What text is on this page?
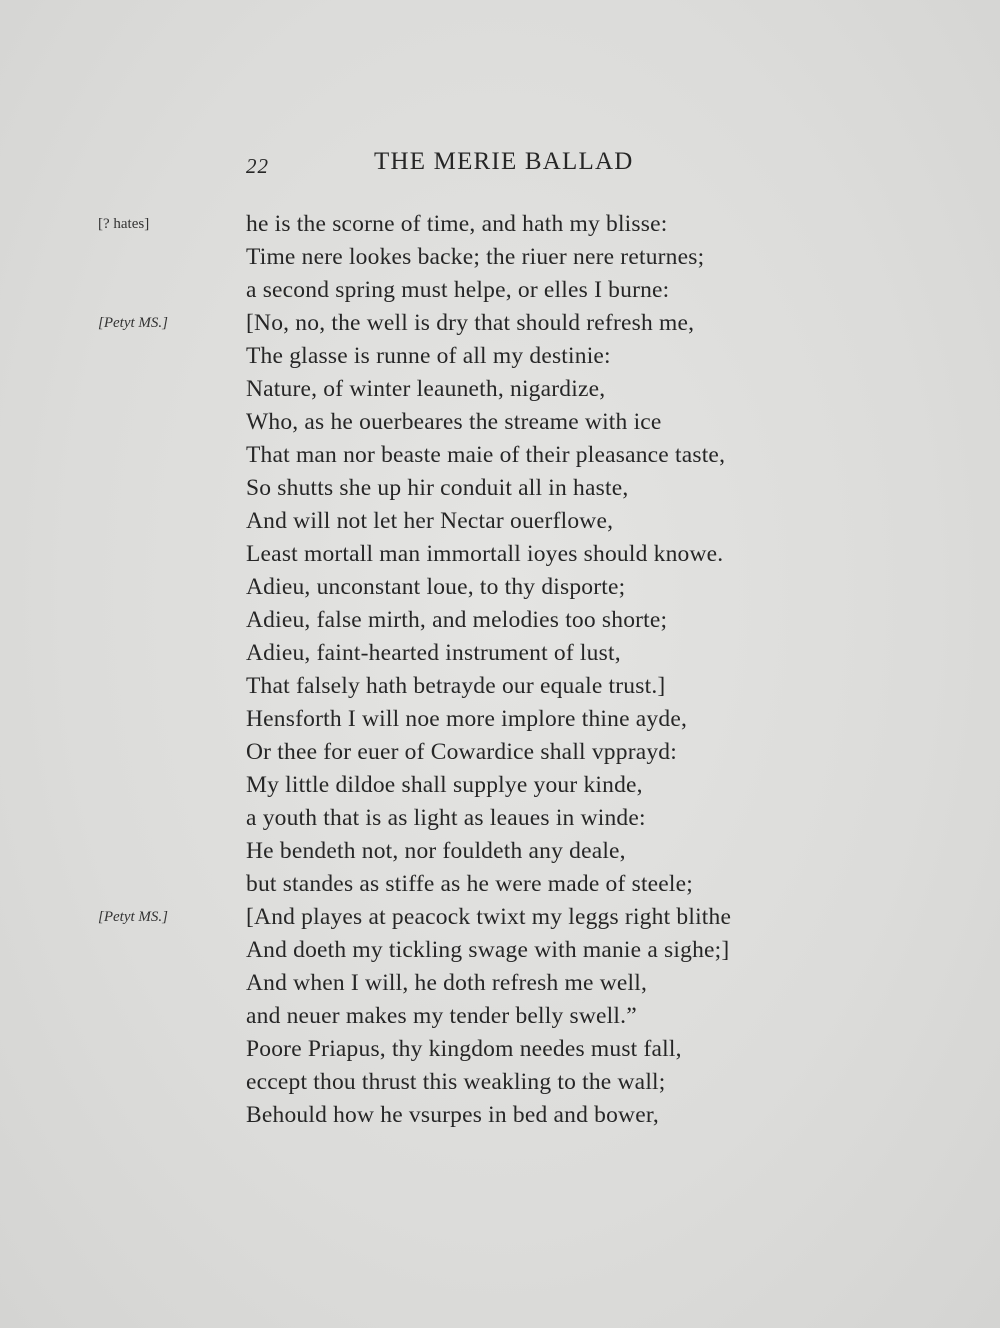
22	THE MERIE BALLAD
[? hates]	he is the scorne of time, and hath my blisse:
Time nere lookes backe; the riuer nere returnes;
a second spring must helpe, or elles I burne:
[Petyt MS.]	[No, no, the well is dry that should refresh me,
The glasse is runne of all my destinie:
Nature, of winter leauneth, nigardize,
Who, as he ouerbeares the streame with ice
That man nor beaste maie of their pleasance taste,
So shutts she up hir conduit all in haste,
And will not let her Nectar ouerflowe,
Least mortall man immortall ioyes should knowe.
Adieu, unconstant loue, to thy disporte;
Adieu, false mirth, and melodies too shorte;
Adieu, faint-hearted instrument of lust,
That falsely hath betrayde our equale trust.]
Hensforth I will noe more implore thine ayde,
Or thee for euer of Cowardice shall vpprayd:
My little dildoe shall supplye your kinde,
a youth that is as light as leaues in winde:
He bendeth not, nor fouldeth any deale,
but standes as stiffe as he were made of steele;
[Petyt MS.]	[And playes at peacock twixt my leggs right blithe
And doeth my tickling swage with manie a sighe;]
And when I will, he doth refresh me well,
and neuer makes my tender belly swell.”
Poore Priapus, thy kingdom needes must fall,
eccept thou thrust this weakling to the wall;
Behould how he vsurpes in bed and bower,
